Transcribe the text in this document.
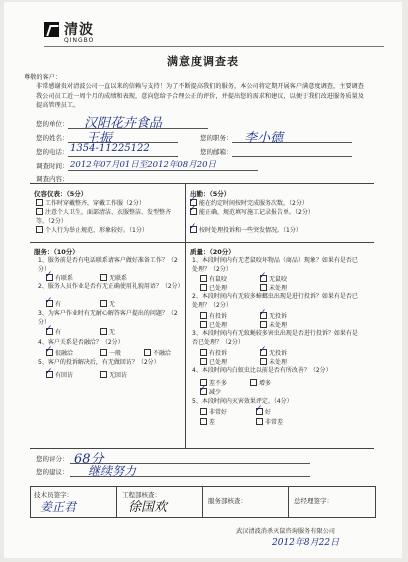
清波
QINGBO
满意度调查表
尊敬的客户：
非常感谢贵对清波公司一直以来的信赖与支持！为了不断提高我们的服务，本公司将定期开展客户满意度调查，主要调查我公司员工近一周个月的成绩和表现，意向您给予合理公正的评价，并提出您的需求和建议，以便于我们改进服务质量及提高管理员工。
您的单位： 汉阳花卉食品
您的姓名： 王振	您的职务： 李小德
您的电话： 1354-11225122	您的邮箱：
调查时间： 2012年07月01日至2012年08月20日
调查内容：
仪容仪表：（5分）
工作时穿戴整齐，穿戴工作服（2分）
注意个人卫生，面部清洁、衣服整洁、发型整齐等。（2分）
个人行为举止规范、形象较好。（1分）
出勤：（5分）
能在约定时间按时完成服务次数。（2分）
✓
能正确，规范填写施工记录报告单。（2分）
✓
按时处理投诉和一些突发情况。（1分）
✓
服务：（10分）
1、服务前是否有电话联系请客户做好准备工作？（2分）
有联系	无联系
✓
2、服务人员作业是否有无正确使用礼貌用语？（2分）
有	无
✓
3、为客户作业时有无耐心解答客户提出的问题？（2分）
有	无
✓
4、客户关系是否融洽？（2分）
很融洽	一般	不融洽
✓
5、客户的投诉解决后，有无做回访？（2分）
有回访	无回访
✓
质量：（20分）
1、本段时间内有无老鼠咬坏物品（商品）现象？如果有是否已处理？（2分）
有鼠咬	无鼠咬
已处理	未处理
✓
2、本段时间内有无较多蟑螂虫出现是进行投诉？如果有是否已处理？（2分）
有投诉	无投诉
已处理	未处理
✓
3、本段时间内有无蚊蝇较多害虫出现是否进行投诉？如果有是否已处理？（2分）
有投诉	无投诉
已处理	未处理
✓
4、本段时间内白蚁虫比以前是否有所改善？（2分）
差不多	增多
减少
✓
5、本段时间内灭害效果评定。（4分）
非常好	好
差	非常差
✓
您的评分： 68分
您的建议： 继续努力
技术员签字：
姜正君
工程部核查：
徐国欢	服务部核查：	总经理签字：
武汉清波消杀灭鼠咨询服务有限公司
2012年8月22日
